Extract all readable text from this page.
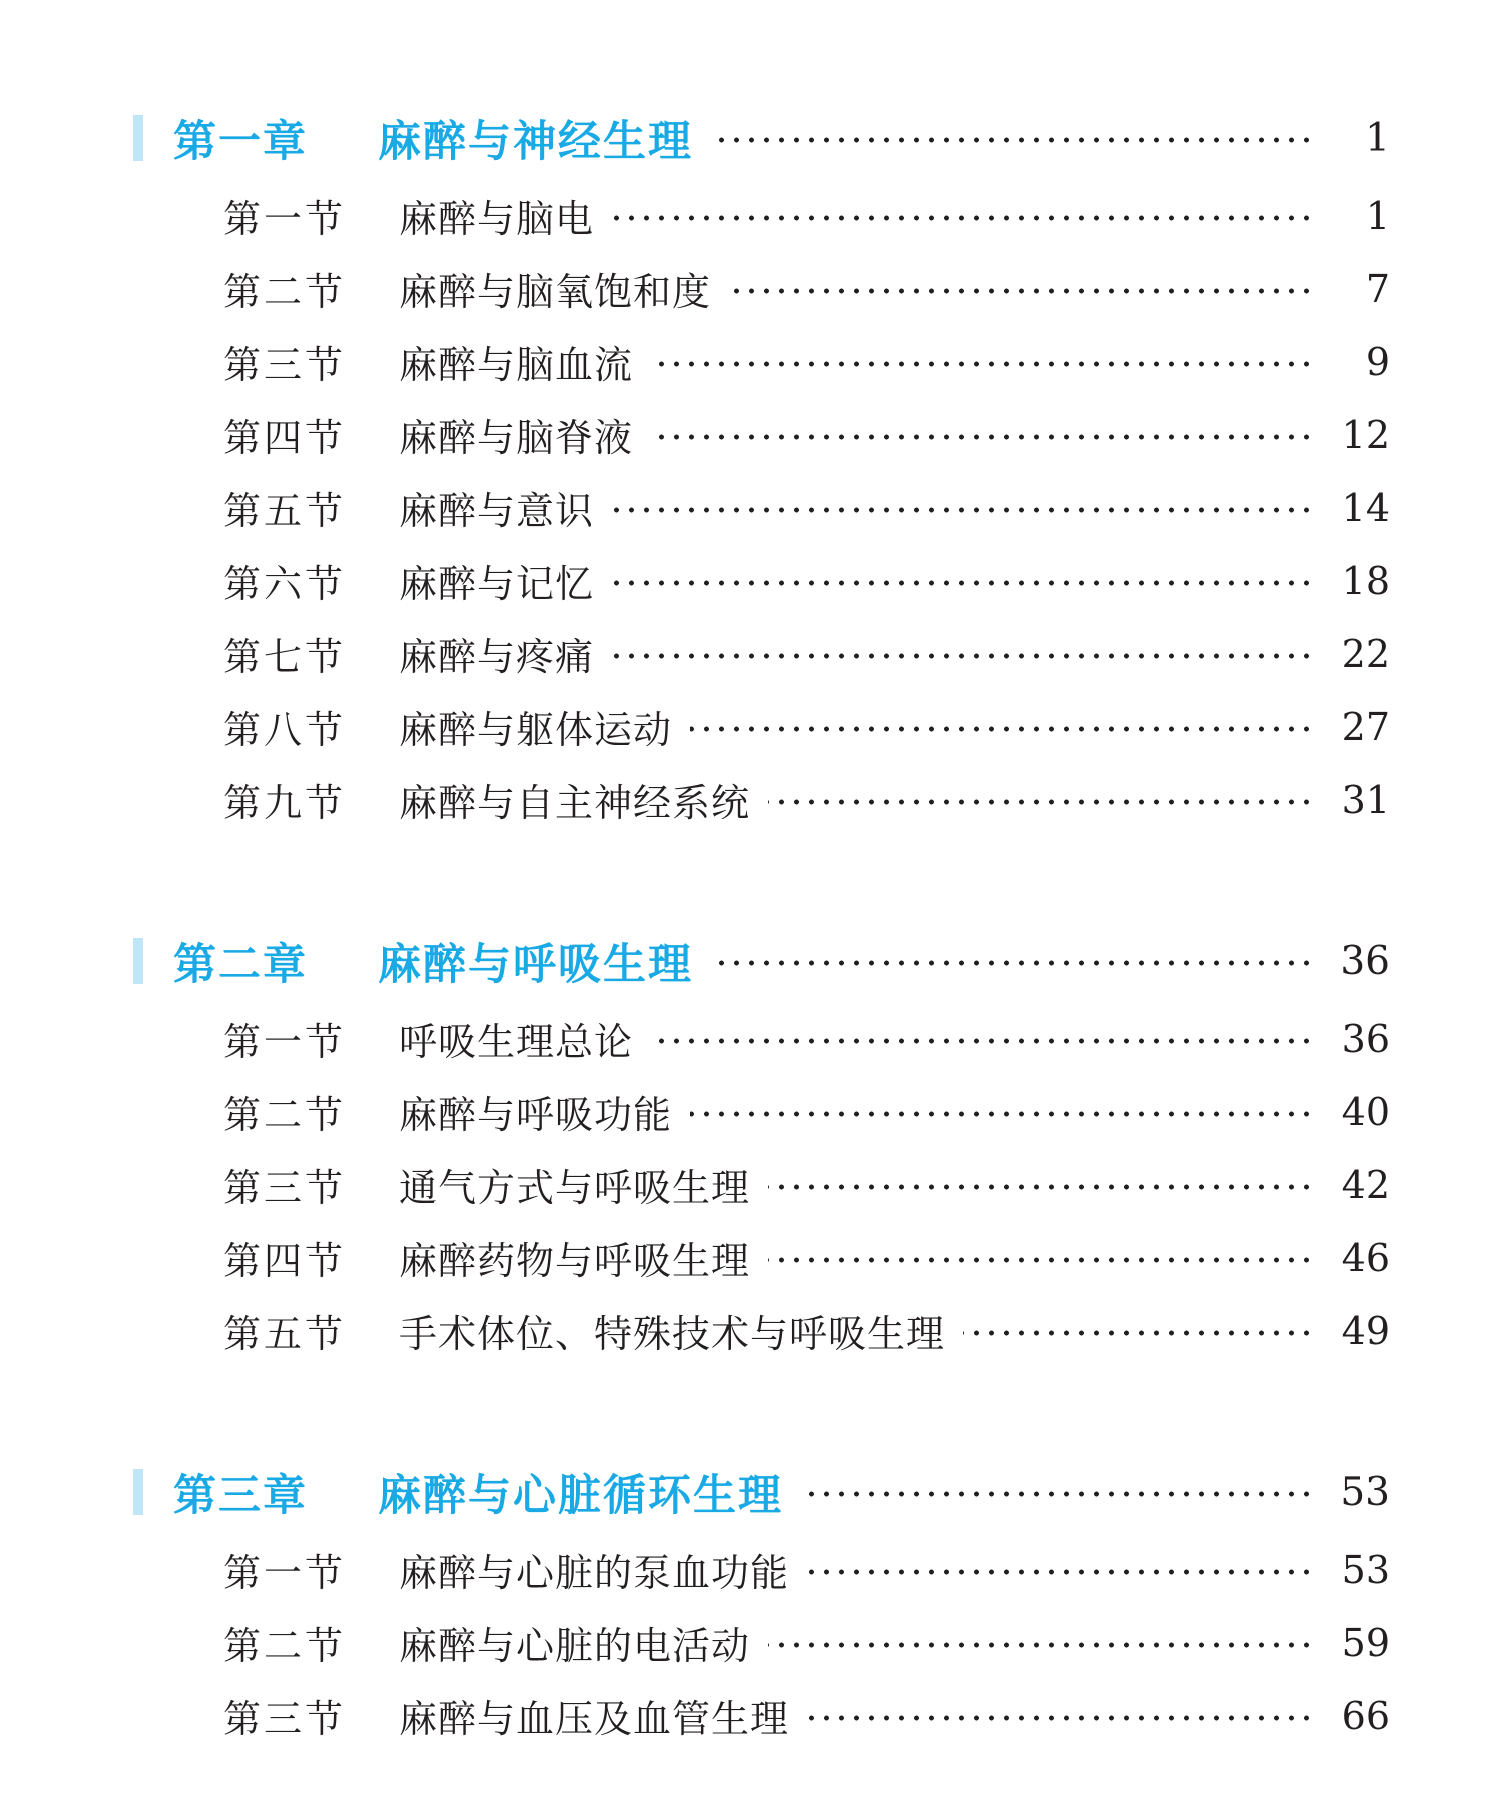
第一章	麻醉与神经生理	1
第一节	麻醉与脑电	1
第二节	麻醉与脑氧饱和度	7
第三节	麻醉与脑血流	9
第四节	麻醉与脑脊液	12
第五节	麻醉与意识	14
第六节	麻醉与记忆	18
第七节	麻醉与疼痛	22
第八节	麻醉与躯体运动	27
第九节	麻醉与自主神经系统	31
第二章	麻醉与呼吸生理	36
第一节	呼吸生理总论	36
第二节	麻醉与呼吸功能	40
第三节	通气方式与呼吸生理	42
第四节	麻醉药物与呼吸生理	46
第五节	手术体位、特殊技术与呼吸生理	49
第三章	麻醉与心脏循环生理	53
第一节	麻醉与心脏的泵血功能	53
第二节	麻醉与心脏的电活动	59
第三节	麻醉与血压及血管生理	66
